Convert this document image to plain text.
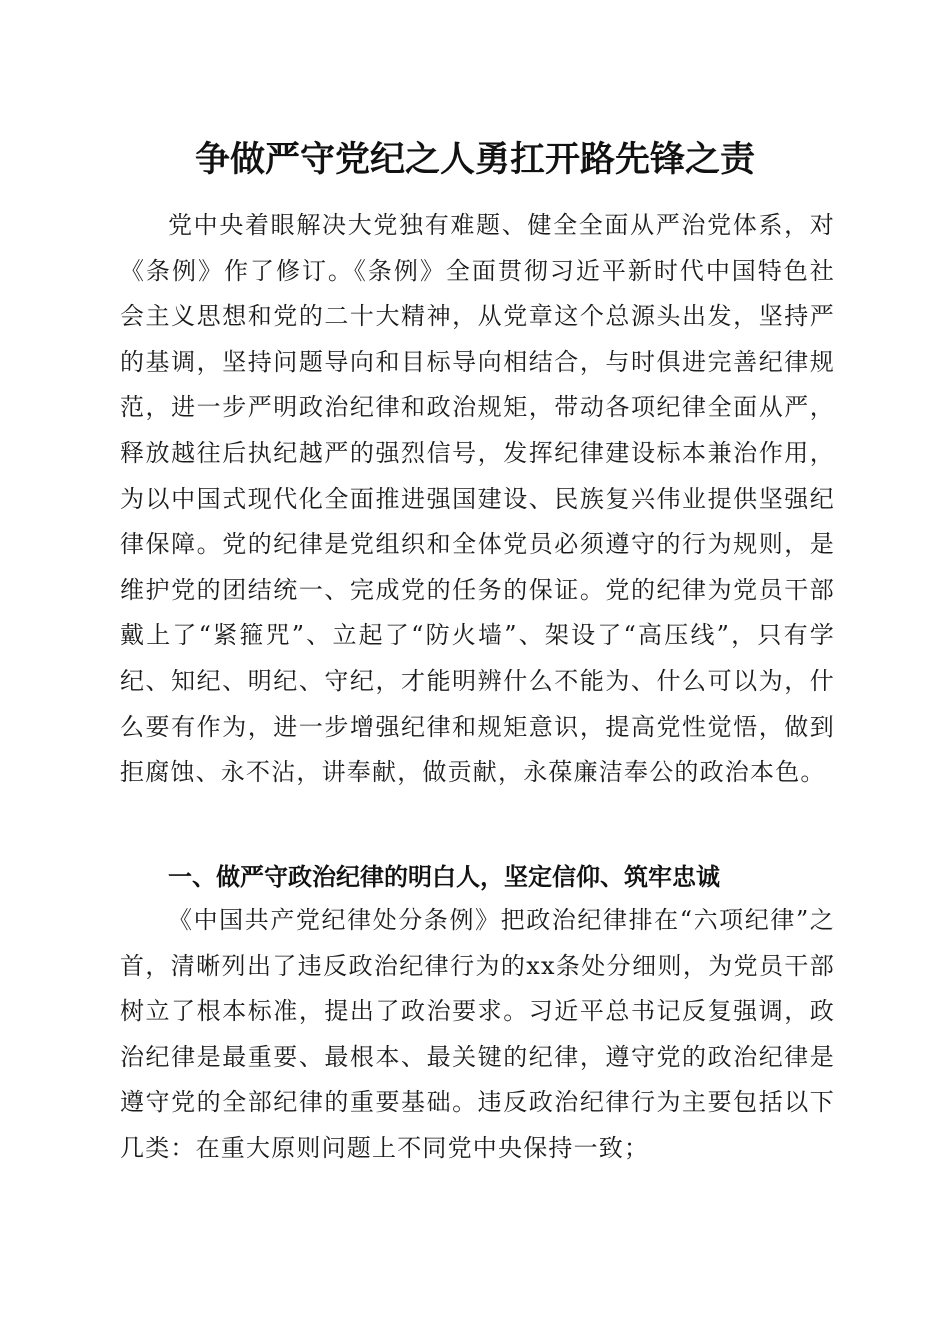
争做严守党纪之人勇扛开路先锋之责

党中央着眼解决大党独有难题、健全全面从严治党体系，对《条例》作了修订。《条例》全面贯彻习近平新时代中国特色社会主义思想和党的二十大精神，从党章这个总源头出发，坚持严的基调，坚持问题导向和目标导向相结合，与时俱进完善纪律规范，进一步严明政治纪律和政治规矩，带动各项纪律全面从严，释放越往后执纪越严的强烈信号，发挥纪律建设标本兼治作用，为以中国式现代化全面推进强国建设、民族复兴伟业提供坚强纪律保障。党的纪律是党组织和全体党员必须遵守的行为规则，是维护党的团结统一、完成党的任务的保证。党的纪律为党员干部戴上了“紧箍咒”、立起了“防火墙”、架设了“高压线”，只有学纪、知纪、明纪、守纪，才能明辨什么不能为、什么可以为，什么要有作为，进一步增强纪律和规矩意识，提高党性觉悟，做到拒腐蚀、永不沾，讲奉献，做贡献，永葆廉洁奉公的政治本色。

一、做严守政治纪律的明白人，坚定信仰、筑牢忠诚

《中国共产党纪律处分条例》把政治纪律排在“六项纪律”之首，清晰列出了违反政治纪律行为的xx条处分细则，为党员干部树立了根本标准，提出了政治要求。习近平总书记反复强调，政治纪律是最重要、最根本、最关键的纪律，遵守党的政治纪律是遵守党的全部纪律的重要基础。违反政治纪律行为主要包括以下几类：在重大原则问题上不同党中央保持一致；
